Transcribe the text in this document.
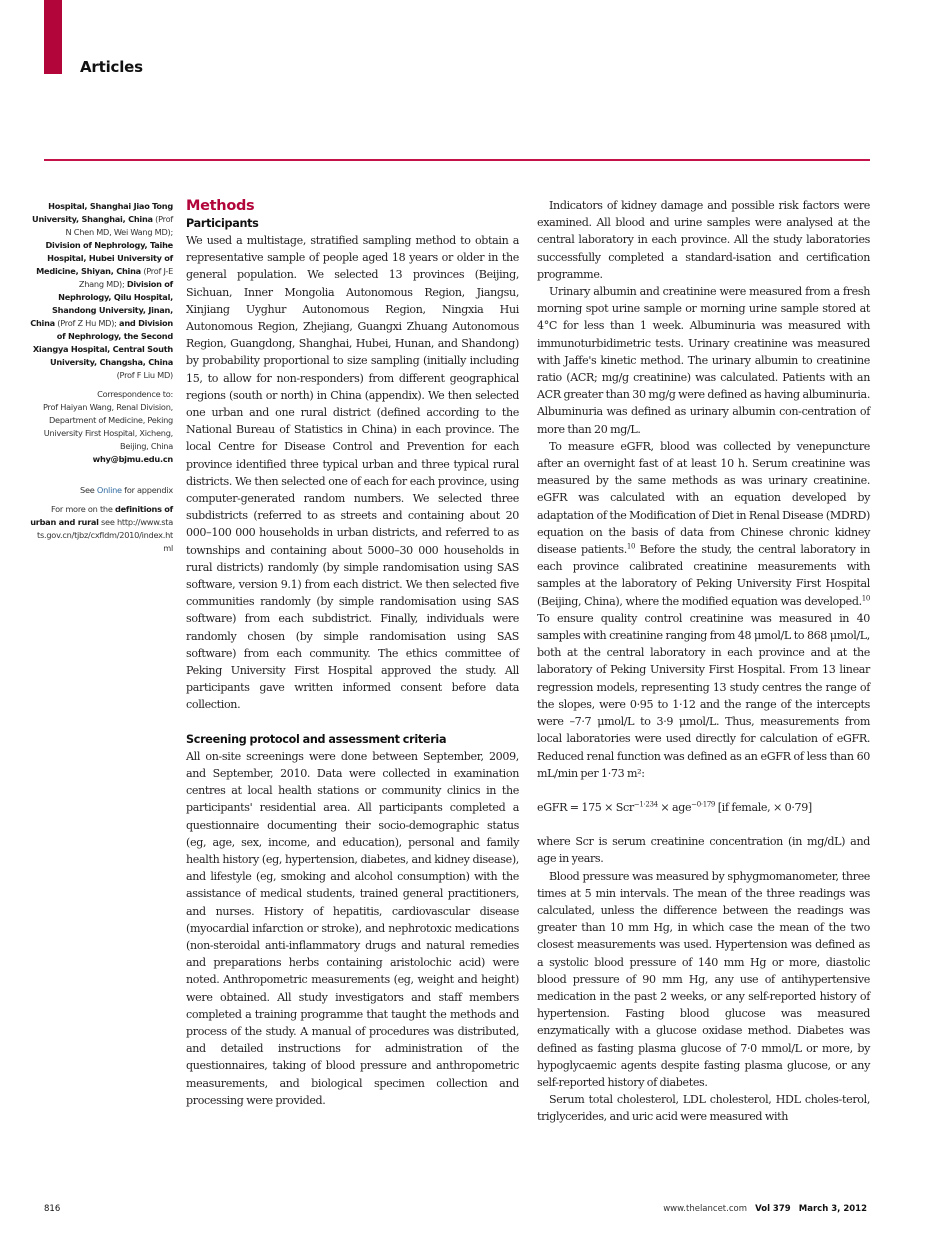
Articles
Hospital, Shanghai Jiao Tong University, Shanghai, China (Prof N Chen MD, Wei Wang MD); Division of Nephrology, Taihe Hospital, Hubei University of Medicine, Shiyan, China (Prof J-E Zhang MD); Division of Nephrology, Qilu Hospital, Shandong University, Jinan, China (Prof Z Hu MD); and Division of Nephrology, the Second Xiangya Hospital, Central South University, Changsha, China (Prof F Liu MD)
Correspondence to:
Prof Haiyan Wang, Renal Division, Department of Medicine, Peking University First Hospital, Xicheng, Beijing, China
why@bjmu.edu.cn
See Online for appendix
For more on the definitions of urban and rural see http://www.stats.gov.cn/tjbz/cxfldm/2010/index.html
Methods
Participants

We used a multistage, stratified sampling method to obtain a representative sample of people aged 18 years or older in the general population. We selected 13 provinces (Beijing, Sichuan, Inner Mongolia Autonomous Region, Jiangsu, Xinjiang Uyghur Autonomous Region, Ningxia Hui Autonomous Region, Zhejiang, Guangxi Zhuang Autonomous Region, Guangdong, Shanghai, Hubei, Hunan, and Shandong) by probability proportional to size sampling (initially including 15, to allow for non-responders) from different geographical regions (south or north) in China (appendix). We then selected one urban and one rural district (defined according to the National Bureau of Statistics in China) in each province. The local Centre for Disease Control and Prevention for each province identified three typical urban and three typical rural districts. We then selected one of each for each province, using computer-generated random numbers. We selected three subdistricts (referred to as streets and containing about 20 000–100 000 households in urban districts, and referred to as townships and containing about 5000–30 000 households in rural districts) randomly (by simple randomisation using SAS software, version 9.1) from each district. We then selected five communities randomly (by simple randomisation using SAS software) from each subdistrict. Finally, individuals were randomly chosen (by simple randomisation using SAS software) from each community. The ethics committee of Peking University First Hospital approved the study. All participants gave written informed consent before data collection.

Screening protocol and assessment criteria

All on-site screenings were done between September, 2009, and September, 2010. Data were collected in examination centres at local health stations or community clinics in the participants' residential area. All participants completed a questionnaire documenting their socio-demographic status (eg, age, sex, income, and education), personal and family health history (eg, hypertension, diabetes, and kidney disease), and lifestyle (eg, smoking and alcohol consumption) with the assistance of medical students, trained general practitioners, and nurses. History of hepatitis, cardiovascular disease (myocardial infarction or stroke), and nephrotoxic medications (non-steroidal anti-inflammatory drugs and natural remedies and preparations herbs containing aristolochic acid) were noted. Anthropometric measurements (eg, weight and height) were obtained. All study investigators and staff members completed a training programme that taught the methods and process of the study. A manual of procedures was distributed, and detailed instructions for administration of the questionnaires, taking of blood pressure and anthropometric measurements, and biological specimen collection and processing were provided.

Indicators of kidney damage and possible risk factors were examined. All blood and urine samples were analysed at the central laboratory in each province. All the study laboratories successfully completed a standard-isation and certification programme.

Urinary albumin and creatinine were measured from a fresh morning spot urine sample or morning urine sample stored at 4°C for less than 1 week. Albuminuria was measured with immunoturbidimetric tests. Urinary creatinine was measured with Jaffe's kinetic method. The urinary albumin to creatinine ratio (ACR; mg/g creatinine) was calculated. Patients with an ACR greater than 30 mg/g were defined as having albuminuria. Albuminuria was defined as urinary albumin con-centration of more than 20 mg/L.

To measure eGFR, blood was collected by venepuncture after an overnight fast of at least 10 h. Serum creatinine was measured by the same methods as was urinary creatinine. eGFR was calculated with an equation developed by adaptation of the Modification of Diet in Renal Disease (MDRD) equation on the basis of data from Chinese chronic kidney disease patients.$^{10}$ Before the study, the central laboratory in each province calibrated creatinine measurements with samples at the laboratory of Peking University First Hospital (Beijing, China), where the modified equation was developed.$^{10}$ To ensure quality control creatinine was measured in 40 samples with creatinine ranging from 48 μmol/L to 868 μmol/L, both at the central laboratory in each province and at the laboratory of Peking University First Hospital. From 13 linear regression models, representing 13 study centres the range of the slopes, were 0·95 to 1·12 and the range of the intercepts were –7·7 μmol/L to 3·9 μmol/L. Thus, measurements from local laboratories were used directly for calculation of eGFR. Reduced renal function was defined as an eGFR of less than 60 mL/min per 1·73 m²:

eGFR = 175 × Scr$^{-1\cdot 234}$ × age$^{-0\cdot 179}$ [if female, × 0·79]

where Scr is serum creatinine concentration (in mg/dL) and age in years.

Blood pressure was measured by sphygmomanometer, three times at 5 min intervals. The mean of the three readings was calculated, unless the difference between the readings was greater than 10 mm Hg, in which case the mean of the two closest measurements was used. Hypertension was defined as a systolic blood pressure of 140 mm Hg or more, diastolic blood pressure of 90 mm Hg, any use of antihypertensive medication in the past 2 weeks, or any self-reported history of hypertension. Fasting blood glucose was measured enzymatically with a glucose oxidase method. Diabetes was defined as fasting plasma glucose of 7·0 mmol/L or more, by hypoglycaemic agents despite fasting plasma glucose, or any self-reported history of diabetes.

Serum total cholesterol, LDL cholesterol, HDL choles-terol, triglycerides, and uric acid were measured with

816	www.thelancet.com Vol 379 March 3, 2012
